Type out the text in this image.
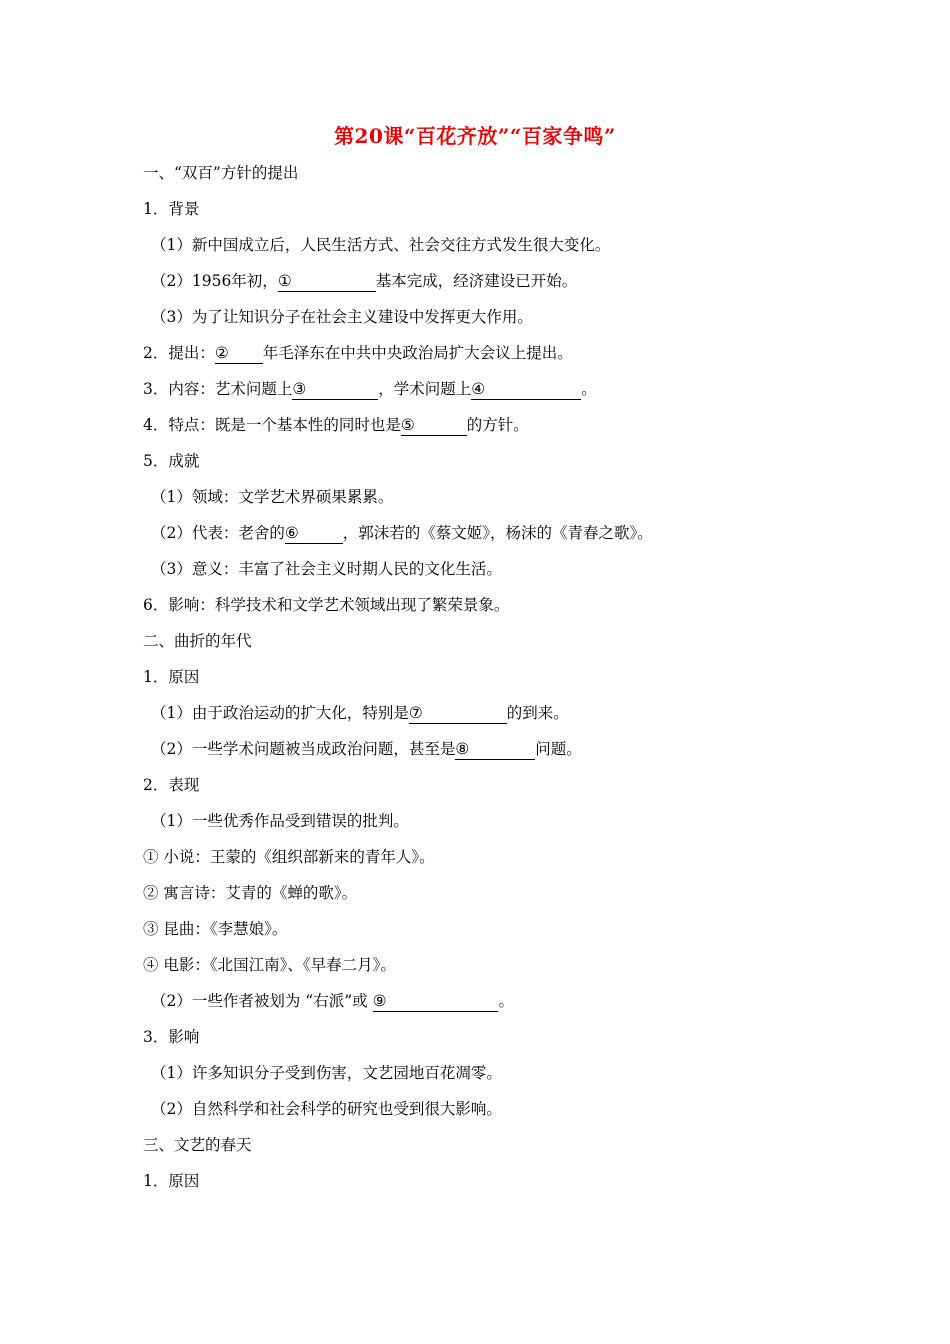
第20课“百花齐放”“百家争鸣”
一、“双百”方针的提出
1．背景
（1）新中国成立后，人民生活方式、社会交往方式发生很大变化。
（2）1956年初，①	基本完成，经济建设已开始。
（3）为了让知识分子在社会主义建设中发挥更大作用。
2．提出：② 年毛泽东在中共中央政治局扩大会议上提出。
3．内容：艺术问题上③	，学术问题上④	。
4．特点：既是一个基本性的同时也是⑤	的方针。
5．成就
（1）领域：文学艺术界硕果累累。
（2）代表：老舍的⑥	，郭沫若的《蔡文姬》，杨沫的《青春之歌》。
（3）意义：丰富了社会主义时期人民的文化生活。
6．影响：科学技术和文学艺术领域出现了繁荣景象。
二、曲折的年代
1．原因
（1）由于政治运动的扩大化，特别是⑦	的到来。
（2）一些学术问题被当成政治问题，甚至是⑧	问题。
2．表现
（1）一些优秀作品受到错误的批判。
① 小说：王蒙的《组织部新来的青年人》。
② 寓言诗：艾青的《蝉的歌》。
③ 昆曲：《李慧娘》。
④ 电影：《北国江南》、《早春二月》。
（2）一些作者被划为 “右派”或 ⑨	。
3．影响
（1）许多知识分子受到伤害，文艺园地百花凋零。
（2）自然科学和社会科学的研究也受到很大影响。
三、文艺的春天
1．原因
